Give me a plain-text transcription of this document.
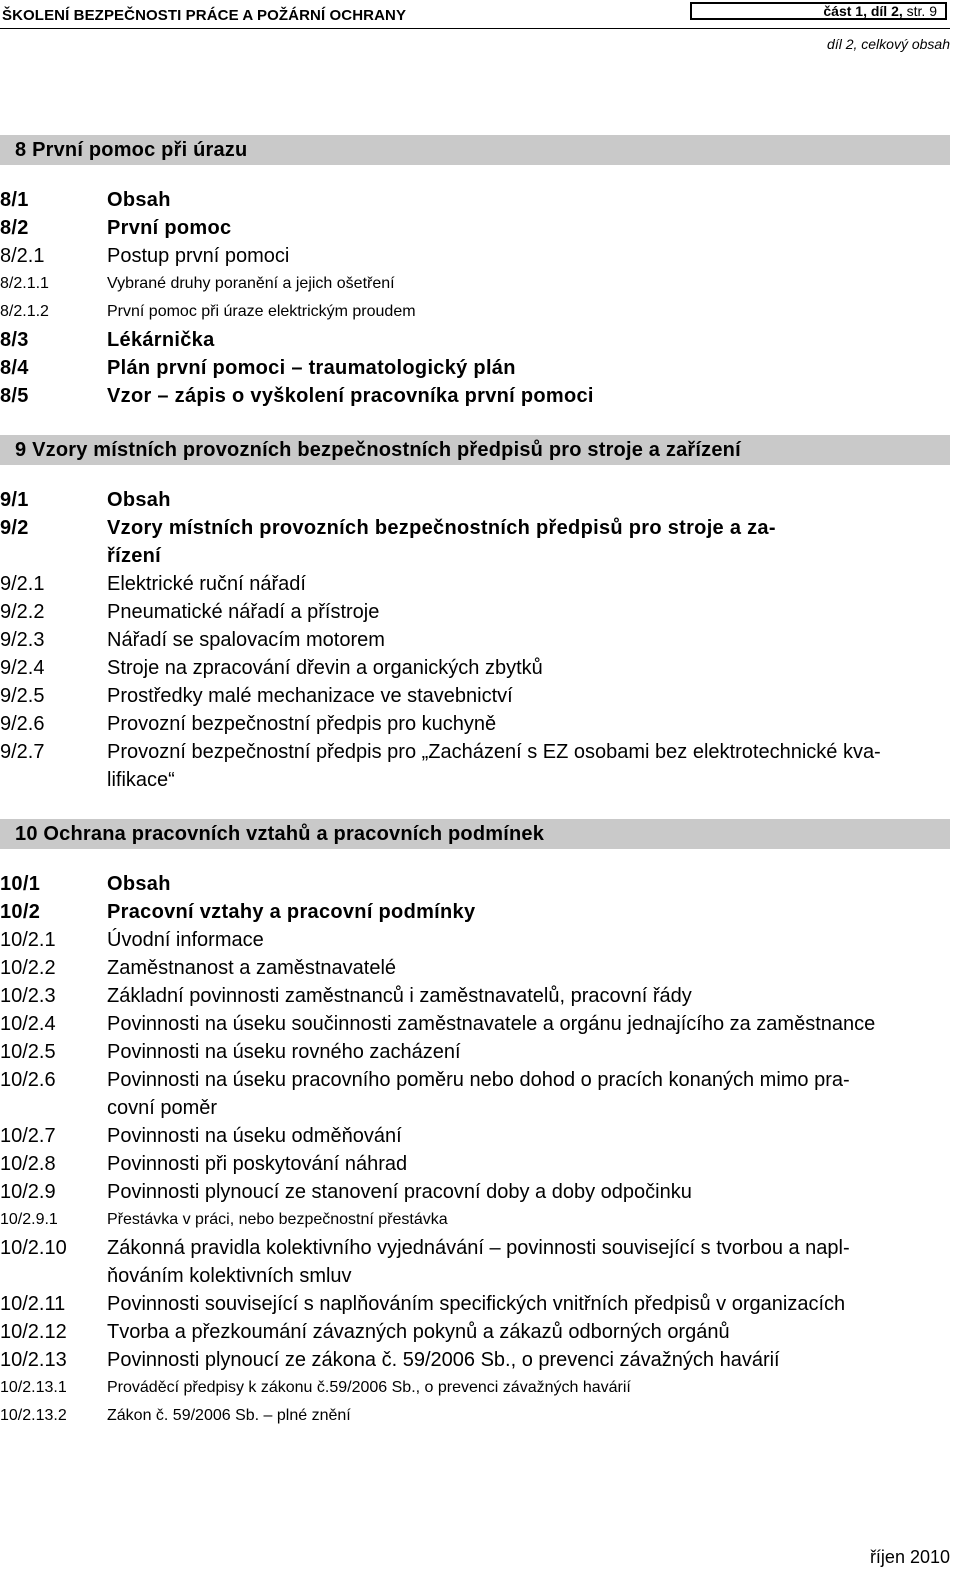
ŠKOLENÍ BEZPEČNOSTI PRÁCE A POŽÁRNÍ OCHRANY	část 1, díl 2, str. 9
díl 2, celkový obsah
8 První pomoc při úrazu
8/1	Obsah
8/2	První pomoc
8/2.1	Postup první pomoci
8/2.1.1	Vybrané druhy poranění a jejich ošetření
8/2.1.2	První pomoc při úraze elektrickým proudem
8/3	Lékárnička
8/4	Plán první pomoci – traumatologický plán
8/5	Vzor – zápis o vyškolení pracovníka první pomoci
9 Vzory místních provozních bezpečnostních předpisů pro stroje a zařízení
9/1	Obsah
9/2	Vzory místních provozních bezpečnostních předpisů pro stroje a za-
řízení
9/2.1	Elektrické ruční nářadí
9/2.2	Pneumatické nářadí a přístroje
9/2.3	Nářadí se spalovacím motorem
9/2.4	Stroje na zpracování dřevin a organických zbytků
9/2.5	Prostředky malé mechanizace ve stavebnictví
9/2.6	Provozní bezpečnostní předpis pro kuchyně
9/2.7	Provozní bezpečnostní předpis pro „Zacházení s EZ osobami bez elektrotechnické kva-
lifikace“
10 Ochrana pracovních vztahů a pracovních podmínek
10/1	Obsah
10/2	Pracovní vztahy a pracovní podmínky
10/2.1	Úvodní informace
10/2.2	Zaměstnanost a zaměstnavatelé
10/2.3	Základní povinnosti zaměstnanců i zaměstnavatelů, pracovní řády
10/2.4	Povinnosti na úseku součinnosti zaměstnavatele a orgánu jednajícího za zaměstnance
10/2.5	Povinnosti na úseku rovného zacházení
10/2.6	Povinnosti na úseku pracovního poměru nebo dohod o pracích konaných mimo pra-
covní poměr
10/2.7	Povinnosti na úseku odměňování
10/2.8	Povinnosti při poskytování náhrad
10/2.9	Povinnosti plynoucí ze stanovení pracovní doby a doby odpočinku
10/2.9.1	Přestávka v práci, nebo bezpečnostní přestávka
10/2.10	Zákonná pravidla kolektivního vyjednávání – povinnosti související s tvorbou a napl-
ňováním kolektivních smluv
10/2.11	Povinnosti související s naplňováním specifických vnitřních předpisů v organizacích
10/2.12	Tvorba a přezkoumání závazných pokynů a zákazů odborných orgánů
10/2.13	Povinnosti plynoucí ze zákona č. 59/2006 Sb., o prevenci závažných havárií
10/2.13.1	Prováděcí předpisy k zákonu č.59/2006 Sb., o prevenci závažných havárií
10/2.13.2	Zákon č. 59/2006 Sb. – plné znění
říjen 2010
